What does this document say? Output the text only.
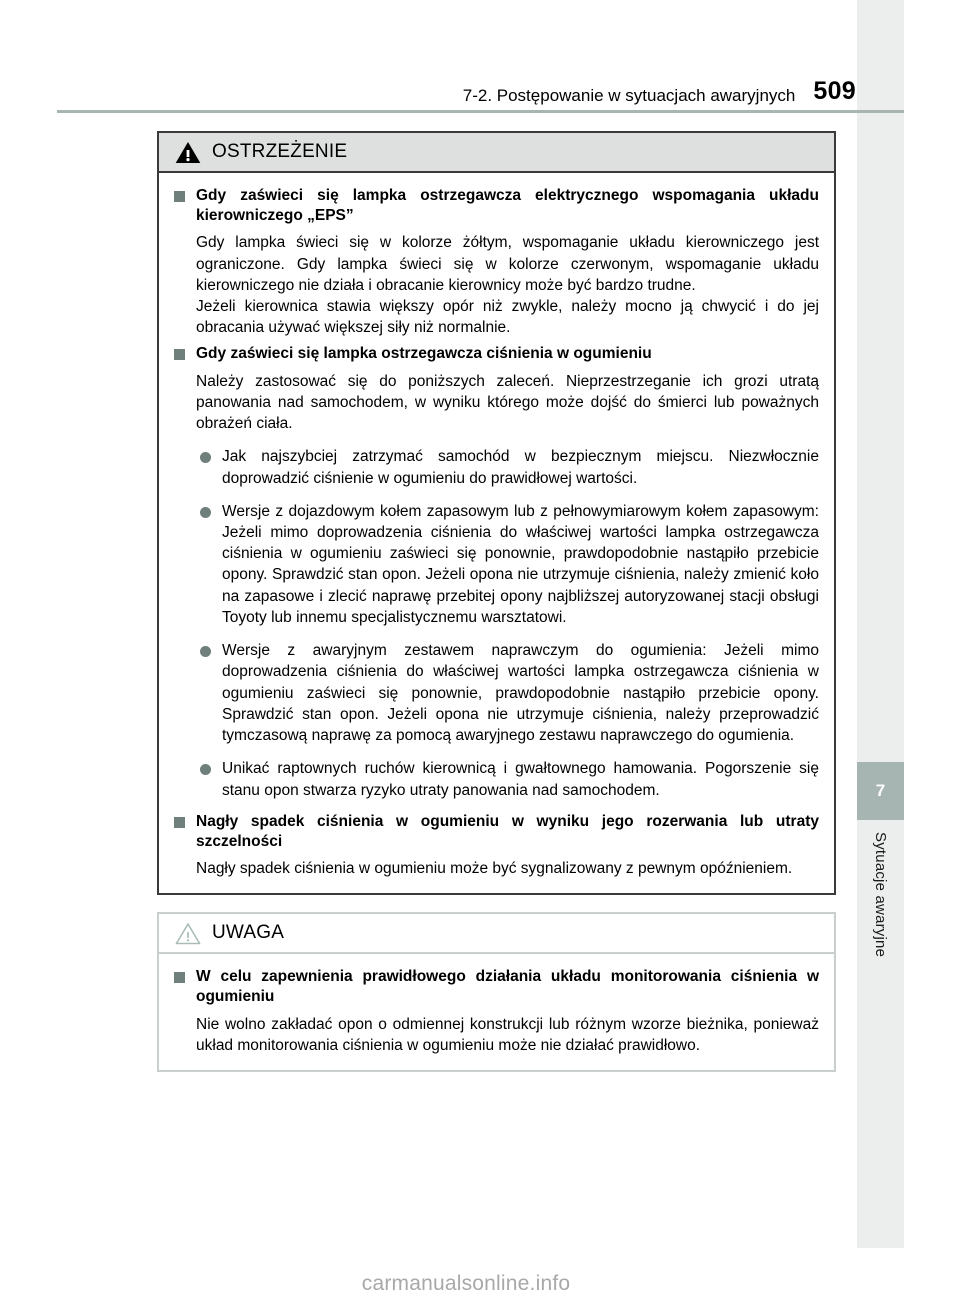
7
Sytuacje awaryjne
7-2. Postępowanie w sytuacjach awaryjnych 509
OSTRZEŻENIE
Gdy zaświeci się lampka ostrzegawcza elektrycznego wspomagania układu kierowniczego „EPS”
Gdy lampka świeci się w kolorze żółtym, wspomaganie układu kierowniczego jest ograniczone. Gdy lampka świeci się w kolorze czerwonym, wspomaganie układu kierowniczego nie działa i obracanie kierownicy może być bardzo trudne.
Jeżeli kierownica stawia większy opór niż zwykle, należy mocno ją chwycić i do jej obracania używać większej siły niż normalnie.
Gdy zaświeci się lampka ostrzegawcza ciśnienia w ogumieniu
Należy zastosować się do poniższych zaleceń. Nieprzestrzeganie ich grozi utratą panowania nad samochodem, w wyniku którego może dojść do śmierci lub poważnych obrażeń ciała.
Jak najszybciej zatrzymać samochód w bezpiecznym miejscu. Niezwłocznie doprowadzić ciśnienie w ogumieniu do prawidłowej wartości.
Wersje z dojazdowym kołem zapasowym lub z pełnowymiarowym kołem zapasowym: Jeżeli mimo doprowadzenia ciśnienia do właściwej wartości lampka ostrzegawcza ciśnienia w ogumieniu zaświeci się ponownie, prawdopodobnie nastąpiło przebicie opony. Sprawdzić stan opon. Jeżeli opona nie utrzymuje ciśnienia, należy zmienić koło na zapasowe i zlecić naprawę przebitej opony najbliższej autoryzowanej stacji obsługi Toyoty lub innemu specjalistycznemu warsztatowi.
Wersje z awaryjnym zestawem naprawczym do ogumienia: Jeżeli mimo doprowadzenia ciśnienia do właściwej wartości lampka ostrzegawcza ciśnienia w ogumieniu zaświeci się ponownie, prawdopodobnie nastąpiło przebicie opony. Sprawdzić stan opon. Jeżeli opona nie utrzymuje ciśnienia, należy przeprowadzić tymczasową naprawę za pomocą awaryjnego zestawu naprawczego do ogumienia.
Unikać raptownych ruchów kierownicą i gwałtownego hamowania. Pogorszenie się stanu opon stwarza ryzyko utraty panowania nad samochodem.
Nagły spadek ciśnienia w ogumieniu w wyniku jego rozerwania lub utraty szczelności
Nagły spadek ciśnienia w ogumieniu może być sygnalizowany z pewnym opóźnieniem.
UWAGA
W celu zapewnienia prawidłowego działania układu monitorowania ciśnienia w ogumieniu
Nie wolno zakładać opon o odmiennej konstrukcji lub różnym wzorze bieżnika, ponieważ układ monitorowania ciśnienia w ogumieniu może nie działać prawidłowo.
carmanualsonline.info
